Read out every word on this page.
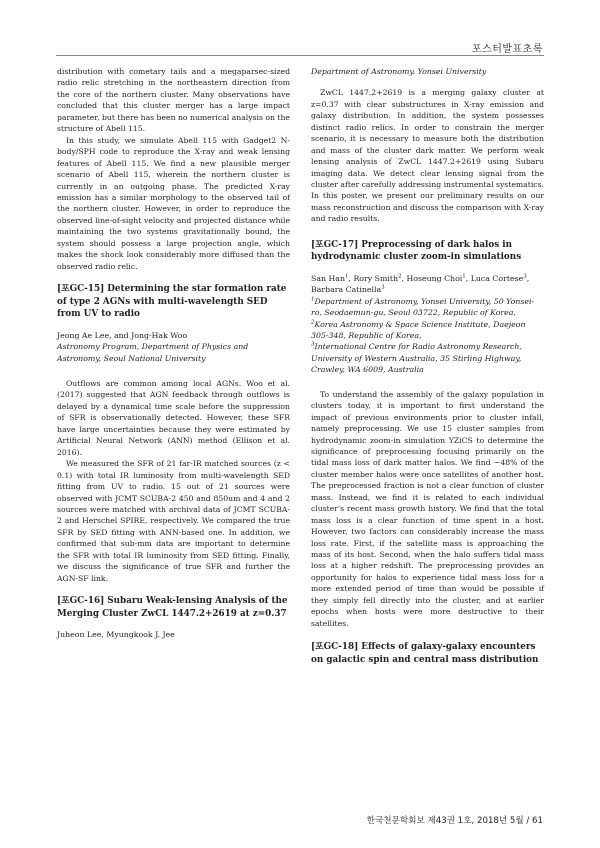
포스터발표초록

distribution with cometary tails and a megaparsec-sized radio relic stretching in the northeastern direction from the core of the northern cluster. Many observations have concluded that this cluster merger has a large impact parameter, but there has been no numerical analysis on the structure of Abell 115.

In this study, we simulate Abell 115 with Gadget2 N-body/SPH code to reproduce the X-ray and weak lensing features of Abell 115. We find a new plausible merger scenario of Abell 115, wherein the northern cluster is currently in an outgoing phase. The predicted X-ray emission has a similar morphology to the observed tail of the northern cluster. However, in order to reproduce the observed line-of-sight velocity and projected distance while maintaining the two systems gravitationally bound, the system should possess a large projection angle, which makes the shock look considerably more diffused than the observed radio relic.

[포GC-15] Determining the star formation rate of type 2 AGNs with multi-wavelength SED from UV to radio

Jeong Ae Lee, and Jong-Hak Woo

Astronomy Program, Department of Physics and Astronomy, Seoul National University

Outflows are common among local AGNs. Woo et al. (2017) suggested that AGN feedback through outflows is delayed by a dynamical time scale before the suppression of SFR is observationally detected. However, these SFR have large uncertainties because they were estimated by Artificial Neural Network (ANN) method (Ellison et al. 2016).

We measured the SFR of 21 far-IR matched sources (z < 0.1) with total IR luminosity from multi-wavelength SED fitting from UV to radio. 15 out of 21 sources were observed with JCMT SCUBA-2 450 and 850um and 4 and 2 sources were matched with archival data of JCMT SCUBA-2 and Herschel SPIRE, respectively. We compared the true SFR by SED fitting with ANN-based one. In addition, we confirmed that sub-mm data are important to determine the SFR with total IR luminosity from SED fitting. Finally, we discuss the significance of true SFR and further the AGN-SF link.

[포GC-16] Subaru Weak-lensing Analysis of the Merging Cluster ZwCL 1447.2+2619 at z=0.37

Juheon Lee, Myungkook J. Jee

Department of Astronomy. Yonsei University

ZwCL 1447.2+2619 is a merging galaxy cluster at z=0.37 with clear substructures in X-ray emission and galaxy distribution. In addition, the system possesses distinct radio relics. In order to constrain the merger scenario, it is necessary to measure both the distribution and mass of the cluster dark matter. We perform weak lensing analysis of ZwCL 1447.2+2619 using Subaru imaging data. We detect clear lensing signal from the cluster after carefully addressing instrumental systematics. In this poster, we present our preliminary results on our mass reconstruction and discuss the comparison with X-ray and radio results.

[포GC-17] Preprocessing of dark halos in hydrodynamic cluster zoom-in simulations

San Han$^1$, Rory Smith$^2$, Hoseung Choi$^1$, Luca Cortese$^3$, Barbara Catinella$^3$

$^1$Department of Astronomy, Yonsei University, 50 Yonsei-ro, Seodaemun-gu, Seoul 03722, Republic of Korea, $^2$Korea Astronomy & Space Science Institute, Daejeon 305-348, Republic of Korea,
$^3$International Centre for Radio Astronomy Research, University of Western Australia, 35 Stirling Highway, Crawley, WA 6009, Australia

To understand the assembly of the galaxy population in clusters today, it is important to first understand the impact of previous environments prior to cluster infall, namely preprocessing. We use 15 cluster samples from hydrodynamic zoom-in simulation YZiCS to determine the significance of preprocessing focusing primarily on the tidal mass loss of dark matter halos. We find ~48% of the cluster member halos were once satellites of another host. The preprocessed fraction is not a clear function of cluster mass. Instead, we find it is related to each individual cluster's recent mass growth history. We find that the total mass loss is a clear function of time spent in a host. However, two factors can considerably increase the mass loss rate. First, if the satellite mass is approaching the mass of its host. Second, when the halo suffers tidal mass loss at a higher redshift. The preprocessing provides an opportunity for halos to experience tidal mass loss for a more extended period of time than would be possible if they simply fell directly into the cluster, and at earlier epochs when hosts were more destructive to their satellites.

[포GC-18] Effects of galaxy-galaxy encounters on galactic spin and central mass distribution
한국천문학회보 제43권 1호, 2018년 5월 / 61
